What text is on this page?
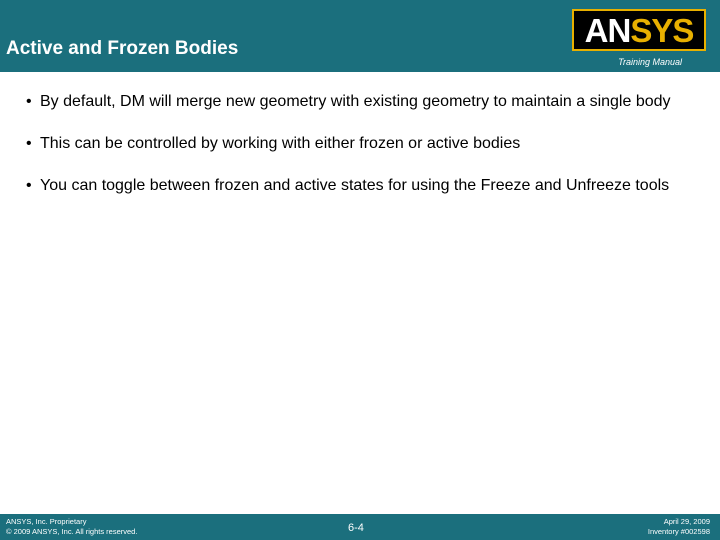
Active and Frozen Bodies	AN SYS
Training Manual
• By default, DM will merge new geometry with existing geometry to maintain a single body
• This can be controlled by working with either frozen or active bodies
• You can toggle between frozen and active states for using the Freeze and Unfreeze tools
ANSYS, Inc. Proprietary
© 2009 ANSYS, Inc. All rights reserved.	6-4
April 29, 2009
Inventory #002598
